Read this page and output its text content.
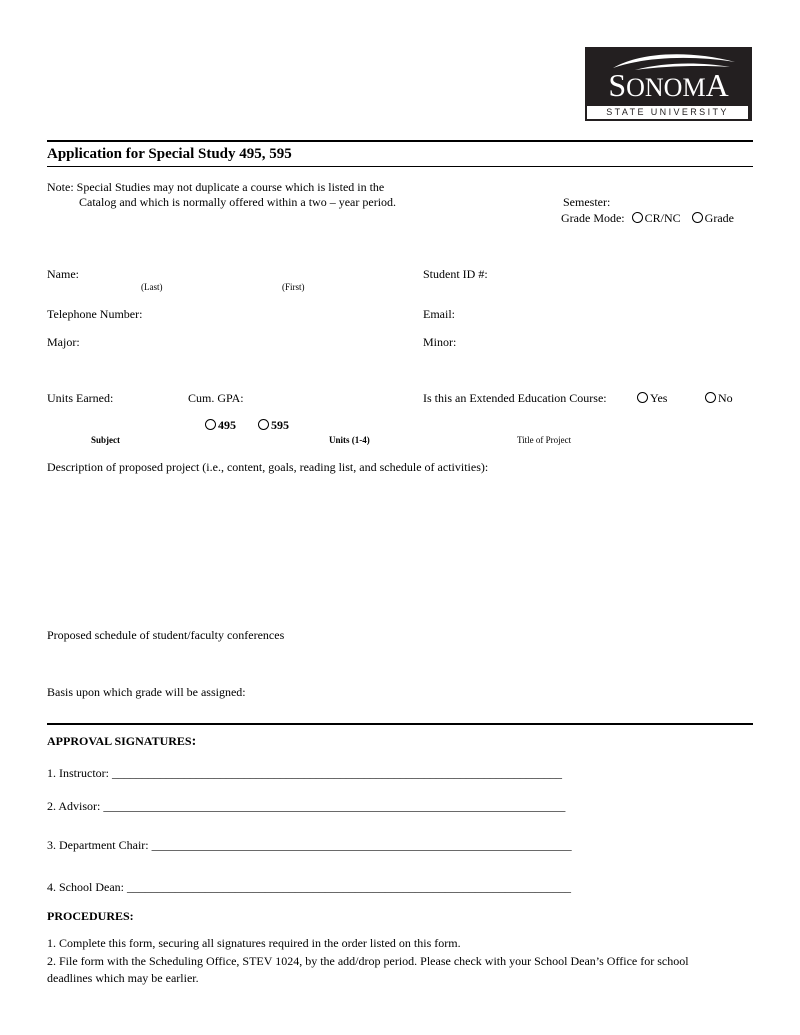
SONOMA
STATE UNIVERSITY
Application for Special Study 495, 595
Note: Special Studies may not duplicate a course which is listed in the
Catalog and which is normally offered within a two – year period.	Semester:
Grade Mode: CR/NC Grade
Name:
(Last)	(First)
Student ID #:
Telephone Number:	Email:
Major:	Minor:
Units Earned:	Cum. GPA:	Is this an Extended Education Course:	Yes	No
495	595
Subject	Units (1-4)	Title of Project
Description of proposed project (i.e., content, goals, reading list, and schedule of activities):
Proposed schedule of student/faculty conferences
Basis upon which grade will be assigned:
APPROVAL SIGNATURES:
1. Instructor: ___________________________________________________________________________
2. Advisor: _____________________________________________________________________________
3. Department Chair: ______________________________________________________________________
4. School Dean: __________________________________________________________________________
PROCEDURES:
1. Complete this form, securing all signatures required in the order listed on this form.
2. File form with the Scheduling Office, STEV 1024, by the add/drop period. Please check with your School Dean’s Office for school
deadlines which may be earlier.
